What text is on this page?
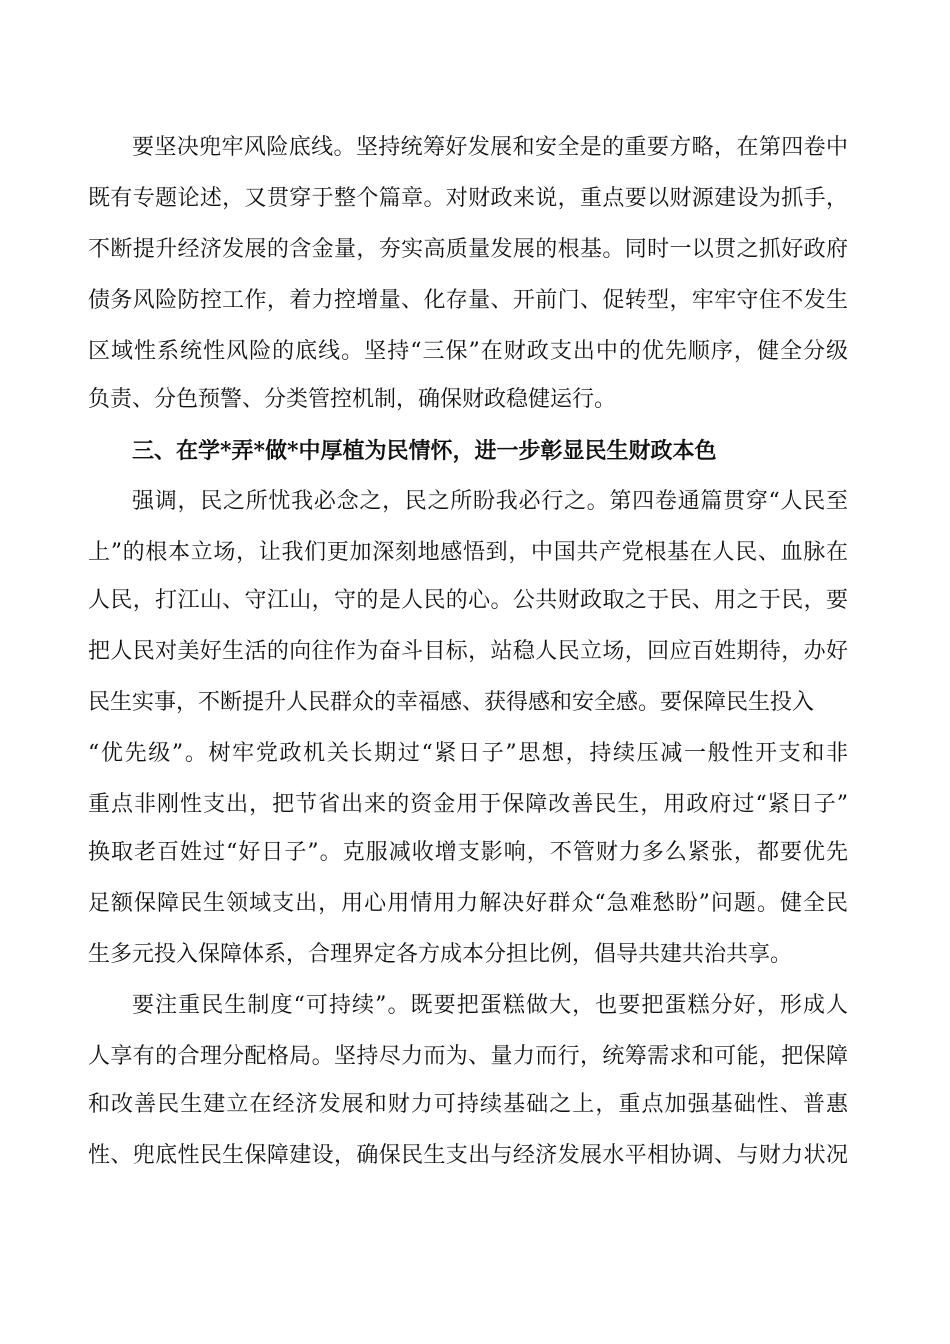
要坚决兜牢风险底线。坚持统筹好发展和安全是的重要方略，在第四卷中
既有专题论述，又贯穿于整个篇章。对财政来说，重点要以财源建设为抓手，
不断提升经济发展的含金量，夯实高质量发展的根基。同时一以贯之抓好政府
债务风险防控工作，着力控增量、化存量、开前门、促转型，牢牢守住不发生
区域性系统性风险的底线。坚持“三保”在财政支出中的优先顺序，健全分级
负责、分色预警、分类管控机制，确保财政稳健运行。
三、在学*弄*做*中厚植为民情怀，进一步彰显民生财政本色
强调，民之所忧我必念之，民之所盼我必行之。第四卷通篇贯穿“人民至
上”的根本立场，让我们更加深刻地感悟到，中国共产党根基在人民、血脉在
人民，打江山、守江山，守的是人民的心。公共财政取之于民、用之于民，要
把人民对美好生活的向往作为奋斗目标，站稳人民立场，回应百姓期待，办好
民生实事，不断提升人民群众的幸福感、获得感和安全感。要保障民生投入
“优先级”。树牢党政机关长期过“紧日子”思想，持续压减一般性开支和非
重点非刚性支出，把节省出来的资金用于保障改善民生，用政府过“紧日子”
换取老百姓过“好日子”。克服减收增支影响，不管财力多么紧张，都要优先
足额保障民生领域支出，用心用情用力解决好群众“急难愁盼”问题。健全民
生多元投入保障体系，合理界定各方成本分担比例，倡导共建共治共享。
要注重民生制度“可持续”。既要把蛋糕做大，也要把蛋糕分好，形成人
人享有的合理分配格局。坚持尽力而为、量力而行，统筹需求和可能，把保障
和改善民生建立在经济发展和财力可持续基础之上，重点加强基础性、普惠
性、兜底性民生保障建设，确保民生支出与经济发展水平相协调、与财力状况
